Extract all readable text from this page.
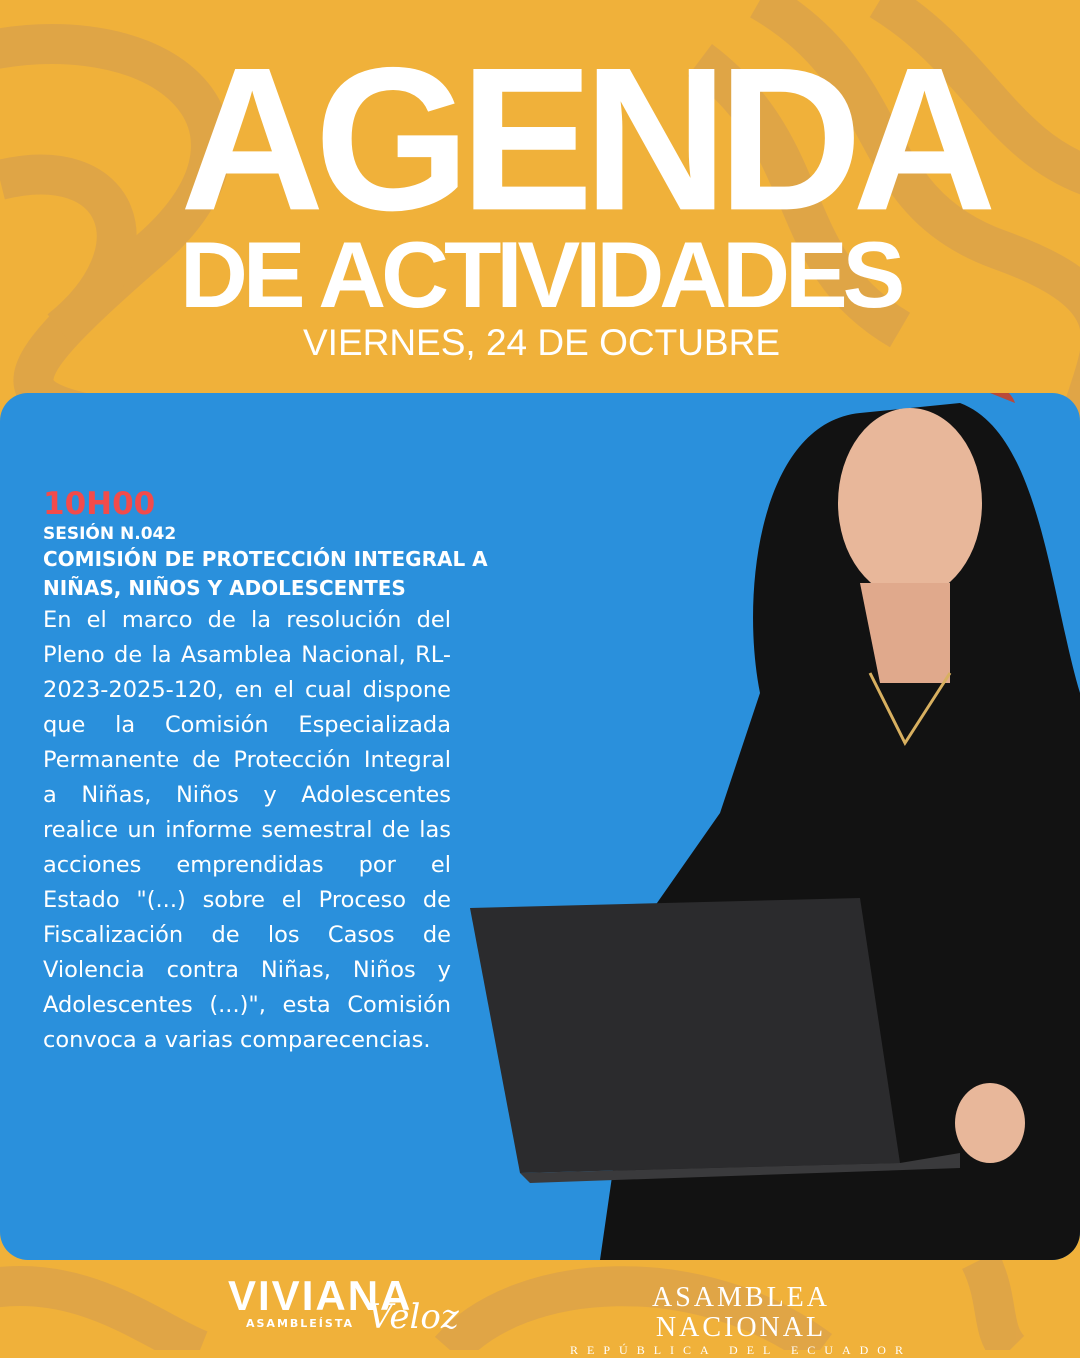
AGENDA
DE ACTIVIDADES
VIERNES, 24 DE OCTUBRE
10H00
SESIÓN N.042
COMISIÓN DE PROTECCIÓN INTEGRAL A NIÑAS, NIÑOS Y ADOLESCENTES
En el marco de la resolución del Pleno de la Asamblea Nacional, RL-2023-2025-120, en el cual dispone que la Comisión Especializada Permanente de Protección Integral a Niñas, Niños y Adolescentes realice un informe semestral de las acciones emprendidas por el Estado "(...) sobre el Proceso de Fiscalización de los Casos de Violencia contra Niñas, Niños y Adolescentes (...)", esta Comisión convoca a varias comparecencias.
VIVIANA
ASAMBLEÍSTA Veloz	ASAMBLEA NACIONAL
REPÚBLICA DEL ECUADOR
